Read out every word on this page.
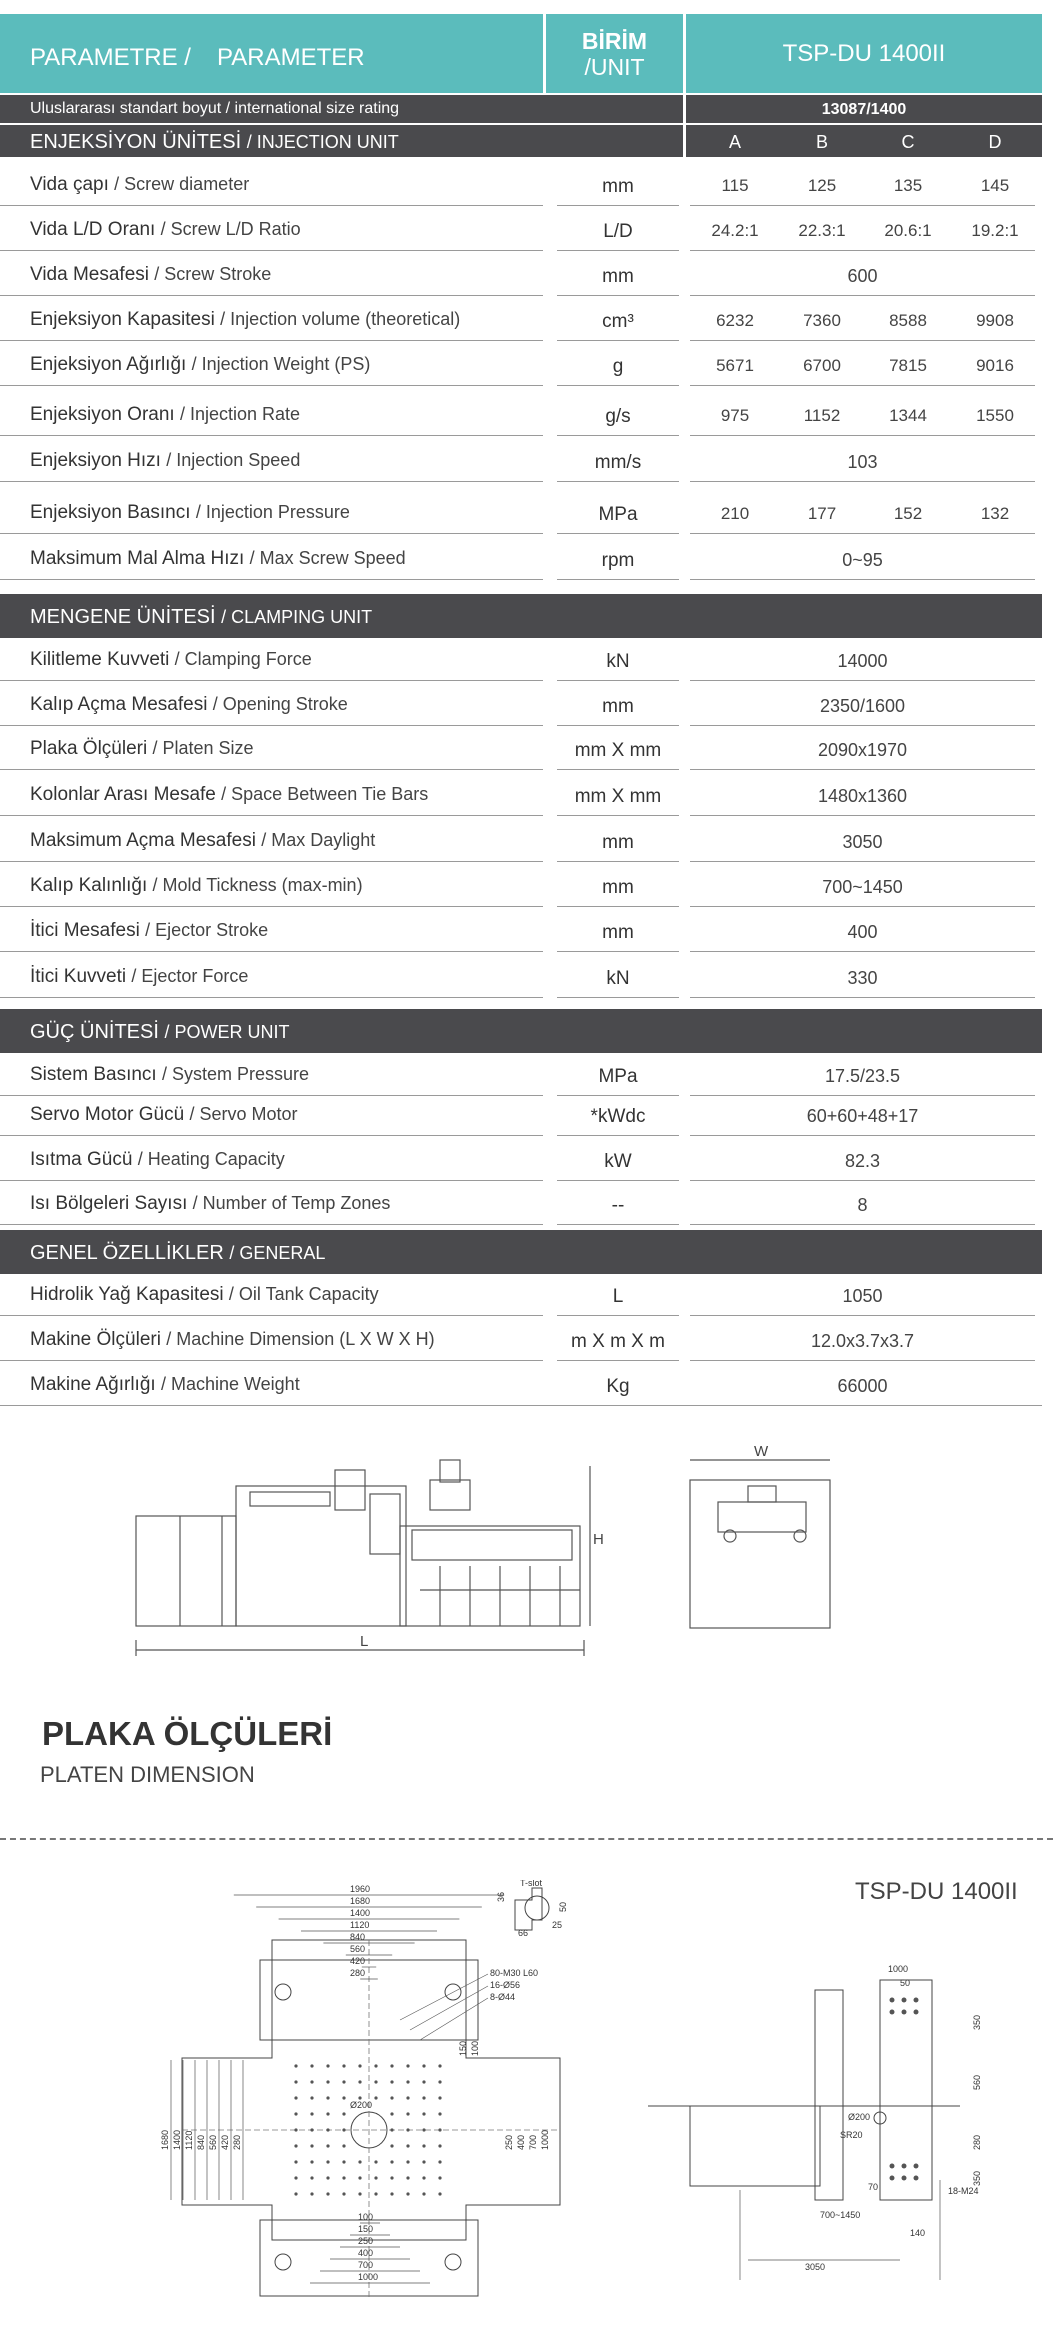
PARAMETRE / PARAMETER
BİRİM
/UNIT	TSP-DU 1400II
Uluslararası standart boyut / international size rating	13087/1400
ENJEKSİYON ÜNİTESİ / INJECTION UNIT	A	B	C	D
Vida çapı / Screw diameter	mm	115	125	135	145
Vida L/D Oranı / Screw L/D Ratio	L/D	24.2:1	22.3:1	20.6:1	19.2:1
Vida Mesafesi / Screw Stroke	mm	600
Enjeksiyon Kapasitesi / Injection volume (theoretical)	cm³	6232	7360	8588	9908
Enjeksiyon Ağırlığı / Injection Weight (PS)	g	5671	6700	7815	9016
Enjeksiyon Oranı / Injection Rate	g/s	975	1152	1344	1550
Enjeksiyon Hızı / Injection Speed	mm/s	103
Enjeksiyon Basıncı / Injection Pressure	MPa	210	177	152	132
Maksimum Mal Alma Hızı / Max Screw Speed	rpm	0~95
MENGENE ÜNİTESİ / CLAMPING UNIT
Kilitleme Kuvveti / Clamping Force	kN	14000
Kalıp Açma Mesafesi / Opening Stroke	mm	2350/1600
Plaka Ölçüleri / Platen Size	mm X mm	2090x1970
Kolonlar Arası Mesafe / Space Between Tie Bars	mm X mm	1480x1360
Maksimum Açma Mesafesi / Max Daylight	mm	3050
Kalıp Kalınlığı / Mold Tickness (max-min)	mm	700~1450
İtici Mesafesi / Ejector Stroke	mm	400
İtici Kuvveti / Ejector Force	kN	330
GÜÇ ÜNİTESİ / POWER UNIT
Sistem Basıncı / System Pressure	MPa	17.5/23.5
Servo Motor Gücü / Servo Motor	*kWdc	60+60+48+17
Isıtma Gücü / Heating Capacity	kW	82.3
Isı Bölgeleri Sayısı / Number of Temp Zones	--	8
GENEL ÖZELLİKLER / GENERAL
Hidrolik Yağ Kapasitesi / Oil Tank Capacity	L	1050
Makine Ölçüleri / Machine Dimension (L X W X H)	m X m X m	12.0x3.7x3.7
Makine Ağırlığı / Machine Weight	Kg	66000
L
H
W
PLAKA ÖLÇÜLERİ
PLATEN DIMENSION
TSP-DU 1400II
T-slot
36
50
25
66
1960
1680
1400
1120
840
560
420
280
1680 1400 1120 840 560 420 280	1000
700
400
250
150 100
100
150
250
400
700
1000
80-M30 L60
16-Ø56
8-Ø44
Ø200
1000
50
Ø200
SR20
70
700~1450
140
3050
18-M24
350
560
280
350
